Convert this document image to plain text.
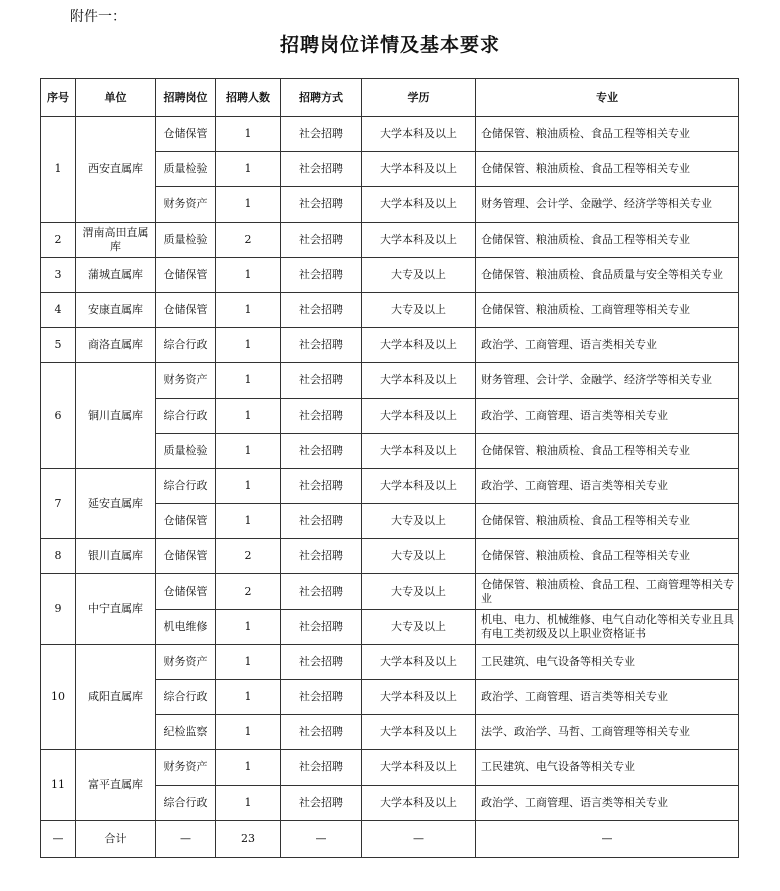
附件一：
招聘岗位详情及基本要求
序号	单位	招聘岗位	招聘人数	招聘方式	学历	专业
1	西安直属库	仓储保管	1	社会招聘	大学本科及以上	仓储保管、粮油质检、食品工程等相关专业
		质量检验	1	社会招聘	大学本科及以上	仓储保管、粮油质检、食品工程等相关专业
		财务资产	1	社会招聘	大学本科及以上	财务管理、会计学、金融学、经济学等相关专业
2	渭南高田直属库	质量检验	2	社会招聘	大学本科及以上	仓储保管、粮油质检、食品工程等相关专业
3	蒲城直属库	仓储保管	1	社会招聘	大专及以上	仓储保管、粮油质检、食品质量与安全等相关专业
4	安康直属库	仓储保管	1	社会招聘	大专及以上	仓储保管、粮油质检、工商管理等相关专业
5	商洛直属库	综合行政	1	社会招聘	大学本科及以上	政治学、工商管理、语言类相关专业
6	铜川直属库	财务资产	1	社会招聘	大学本科及以上	财务管理、会计学、金融学、经济学等相关专业
		综合行政	1	社会招聘	大学本科及以上	政治学、工商管理、语言类等相关专业
		质量检验	1	社会招聘	大学本科及以上	仓储保管、粮油质检、食品工程等相关专业
7	延安直属库	综合行政	1	社会招聘	大学本科及以上	政治学、工商管理、语言类等相关专业
		仓储保管	1	社会招聘	大专及以上	仓储保管、粮油质检、食品工程等相关专业
8	银川直属库	仓储保管	2	社会招聘	大专及以上	仓储保管、粮油质检、食品工程等相关专业
9	中宁直属库	仓储保管	2	社会招聘	大专及以上	仓储保管、粮油质检、食品工程、工商管理等相关专业
		机电维修	1	社会招聘	大专及以上	机电、电力、机械维修、电气自动化等相关专业且具有电工类初级及以上职业资格证书
10	咸阳直属库	财务资产	1	社会招聘	大学本科及以上	工民建筑、电气设备等相关专业
		综合行政	1	社会招聘	大学本科及以上	政治学、工商管理、语言类等相关专业
		纪检监察	1	社会招聘	大学本科及以上	法学、政治学、马哲、工商管理等相关专业
11	富平直属库	财务资产	1	社会招聘	大学本科及以上	工民建筑、电气设备等相关专业
		综合行政	1	社会招聘	大学本科及以上	政治学、工商管理、语言类等相关专业
—	合计	—	23	—	—	—
